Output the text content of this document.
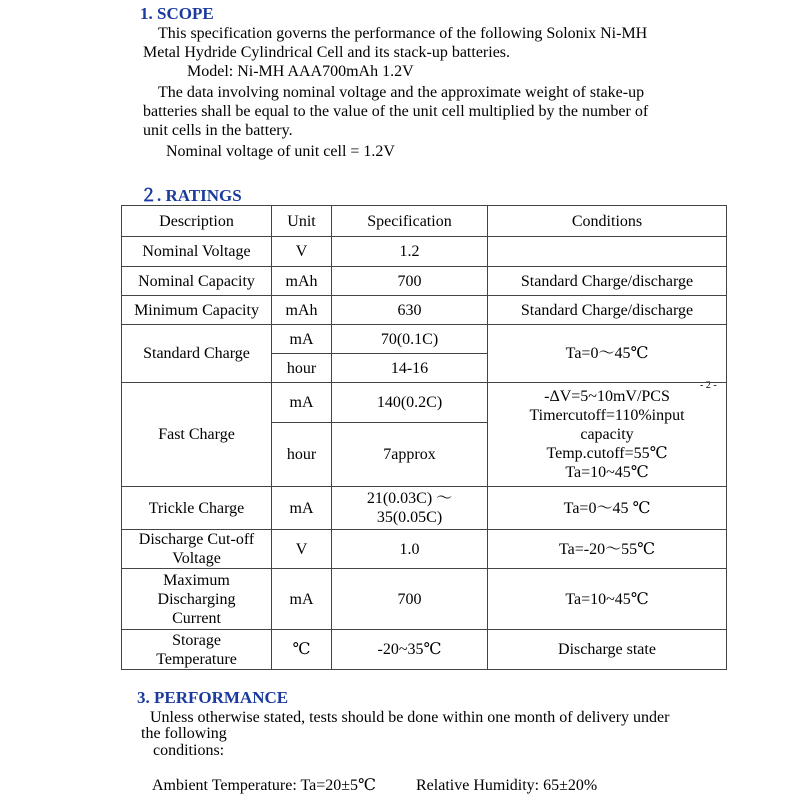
1. SCOPE
This specification governs the performance of the following Solonix Ni-MH
Metal Hydride Cylindrical Cell and its stack-up batteries.
Model: Ni-MH AAA700mAh 1.2V
The data involving nominal voltage and the approximate weight of stake-up
batteries shall be equal to the value of the unit cell multiplied by the number of
unit cells in the battery.
Nominal voltage of unit cell = 1.2V
２. RATINGS
- 2 -
Description	Unit	Specification	Conditions
Nominal Voltage	V	1.2	
Nominal Capacity	mAh	700	Standard Charge/discharge
Minimum Capacity	mAh	630	Standard Charge/discharge
Standard Charge	mA	70(0.1C)	Ta=0～45℃
	hour	14-16	
Fast Charge	mA	140(0.2C)	-ΔV=5~10mV/PCS
Timercutoff=110%input
capacity
Temp.cutoff=55℃
Ta=10~45℃

	hour	7approx	
Trickle Charge	mA	21(0.03C) ～
35(0.05C)	Ta=0～45 ℃

Discharge Cut-off
Voltage	V	1.0	Ta=-20～55℃

Maximum
Discharging
Current	mA	700	Ta=10~45℃

Storage
Temperature	℃	-20~35℃	Discharge state
3. PERFORMANCE
Unless otherwise stated, tests should be done within one month of delivery under
the following
conditions:
Ambient Temperature: Ta=20±5℃	Relative Humidity: 65±20%
